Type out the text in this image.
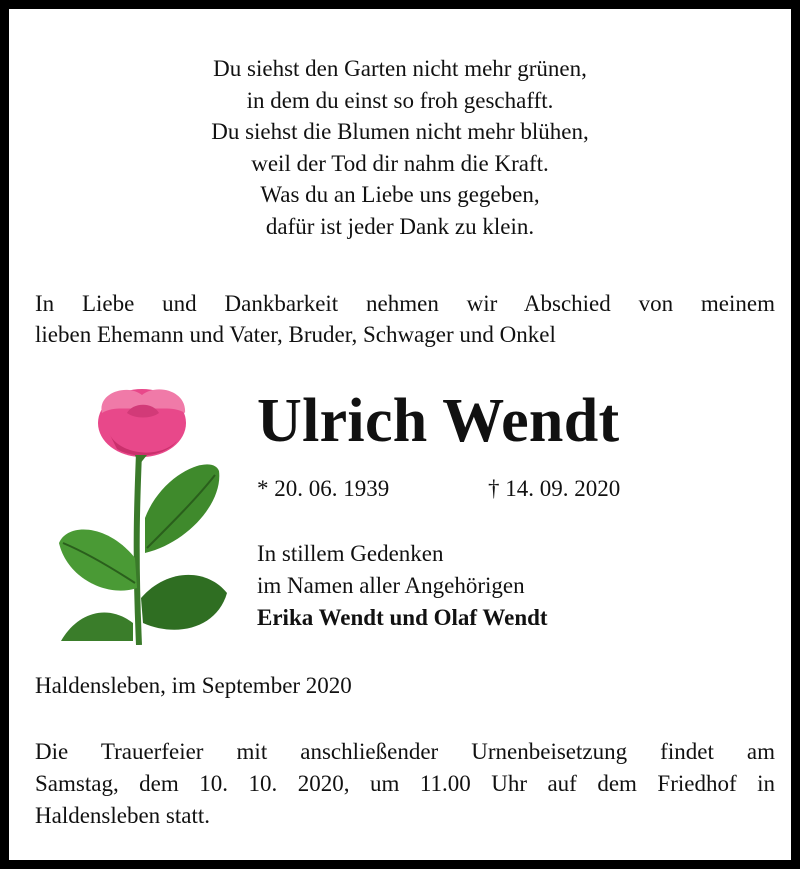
Du siehst den Garten nicht mehr grünen,
in dem du einst so froh geschafft.
Du siehst die Blumen nicht mehr blühen,
weil der Tod dir nahm die Kraft.
Was du an Liebe uns gegeben,
dafür ist jeder Dank zu klein.
In Liebe und Dankbarkeit nehmen wir Abschied von meinem
lieben Ehemann und Vater, Bruder, Schwager und Onkel
Ulrich Wendt
* 20. 06. 1939	† 14. 09. 2020
In stillem Gedenken
im Namen aller Angehörigen
Erika Wendt und Olaf Wendt
Haldensleben, im September 2020
Die Trauerfeier mit anschließender Urnenbeisetzung findet am
Samstag, dem 10. 10. 2020, um 11.00 Uhr auf dem Friedhof in
Haldensleben statt.
